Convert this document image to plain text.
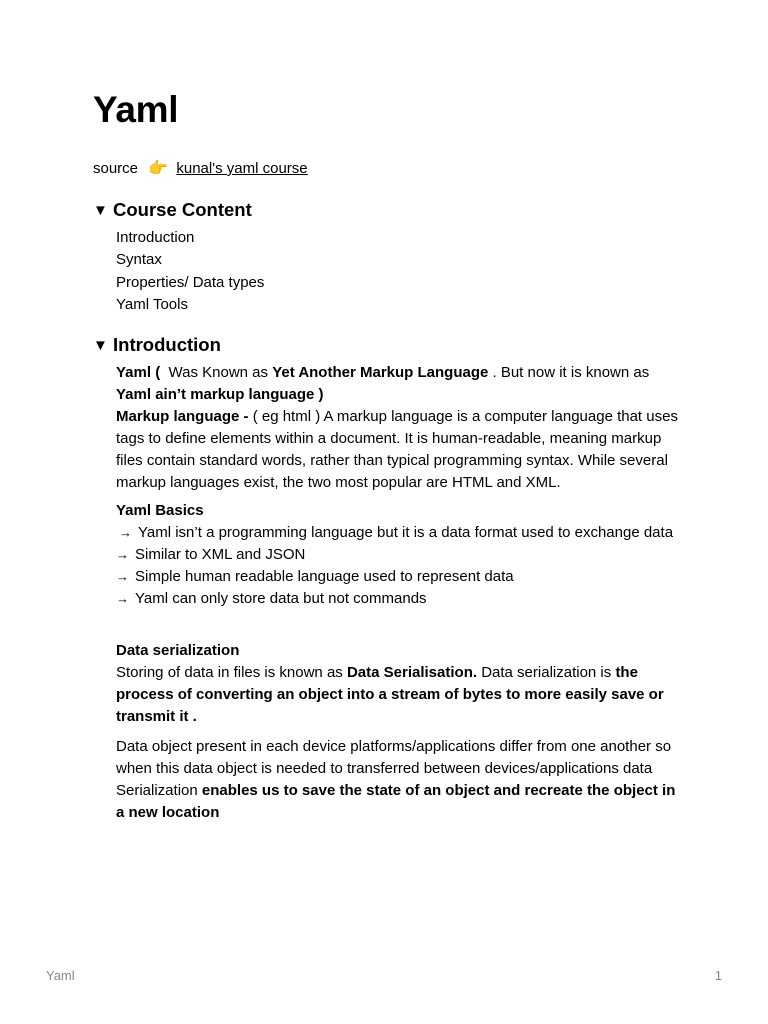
Yaml
source 👉 kunal's yaml course
▼ Course Content
Introduction
Syntax
Properties/ Data types
Yaml Tools
▼ Introduction

Yaml (  Was Known as Yet Another Markup Language . But now it is known as
Yaml ain’t markup language )

Markup language - ( eg html ) A markup language is a computer language that uses tags to define elements within a document. It is human-readable, meaning markup files contain standard words, rather than typical programming syntax. While several markup languages exist, the two most popular are HTML and XML.

Yaml Basics

→ Yaml isn’t a programming language but it is a data format used to exchange data

→ Similar to XML and JSON

→ Simple human readable language used to represent data

→ Yaml can only store data but not commands

Data serialization

Storing of data in files is known as Data Serialisation. Data serialization is the process of converting an object into a stream of bytes to more easily save or transmit it .

Data object present in each device platforms/applications differ from one another so when this data object is needed to transferred between devices/applications data Serialization enables us to save the state of an object and recreate the object in a new location

Yaml	1
